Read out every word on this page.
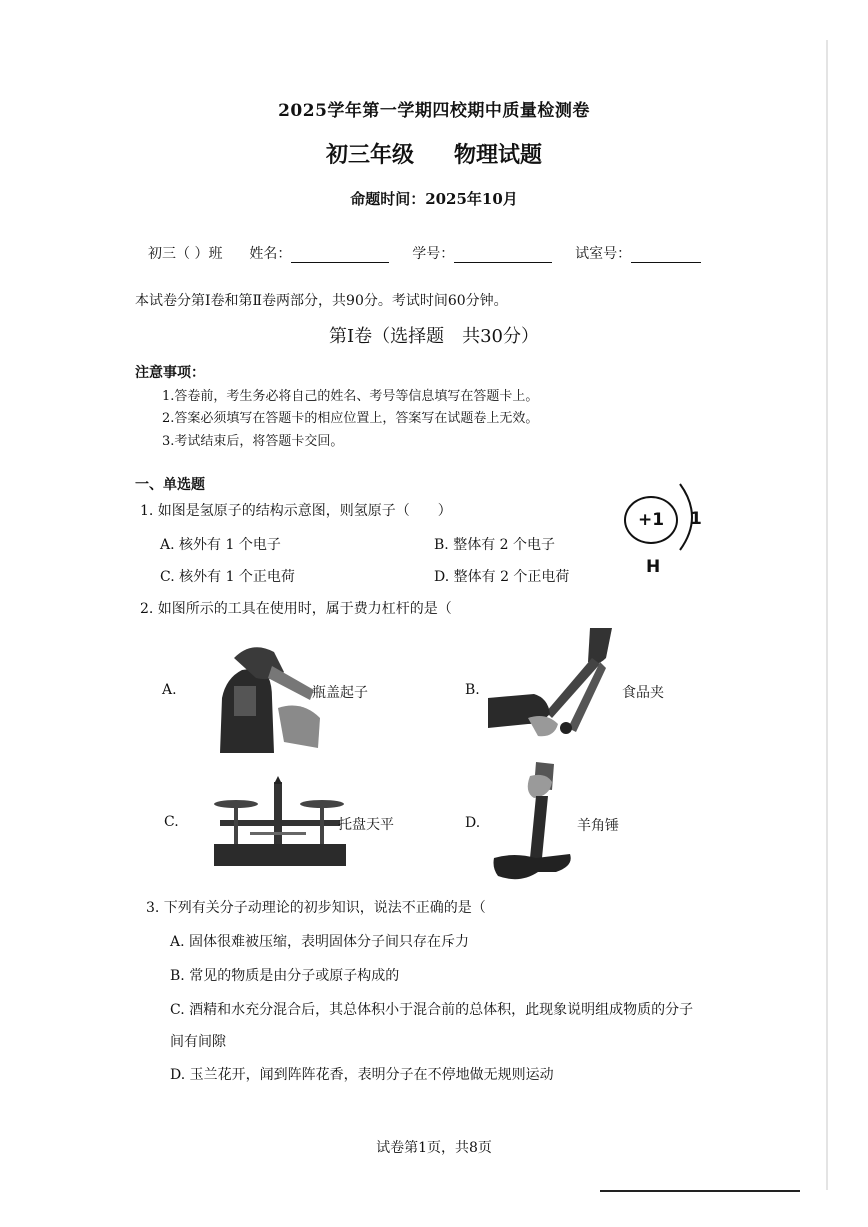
2025学年第一学期四校期中质量检测卷
初三年级 物理试题
命题时间：2025年10月
初三（ ）班 姓名：	学号：	试室号：
本试卷分第Ⅰ卷和第Ⅱ卷两部分，共90分。考试时间60分钟。
第Ⅰ卷（选择题　共30分）
注意事项：
1.答卷前，考生务必将自己的姓名、考号等信息填写在答题卡上。
2.答案必须填写在答题卡的相应位置上，答案写在试题卷上无效。
3.考试结束后，将答题卡交回。
一、单选题
1. 如图是氢原子的结构示意图，则氢原子（　　）
A. 核外有 1 个电子	B. 整体有 2 个电子
C. 核外有 1 个正电荷	D. 整体有 2 个正电荷
+1 1
H
2. 如图所示的工具在使用时，属于费力杠杆的是（
A.	瓶盖起子	B.	食品夹
C.	托盘天平	D.	羊角锤
3. 下列有关分子动理论的初步知识，说法不正确的是（
A. 固体很难被压缩，表明固体分子间只存在斥力
B. 常见的物质是由分子或原子构成的
C. 酒精和水充分混合后，其总体积小于混合前的总体积，此现象说明组成物质的分子
间有间隙
D. 玉兰花开，闻到阵阵花香，表明分子在不停地做无规则运动
试卷第1页，共8页
